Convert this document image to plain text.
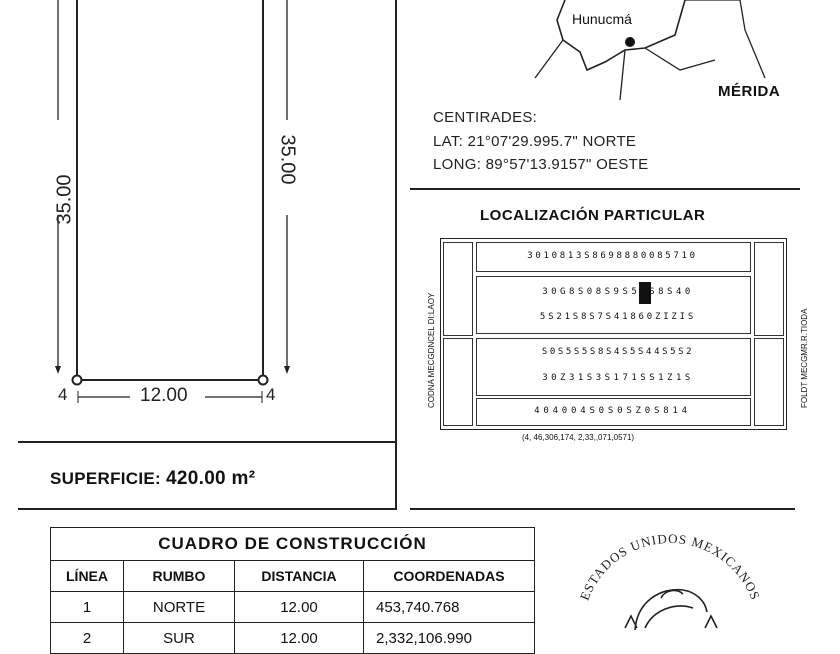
35.00
35.00
12.00
4	4
SUPERFICIE: 420.00 m²
Hunucmá
MÉRIDA
CENTIRADES:
LAT: 21°07'29.995.7" NORTE
LONG: 89°57'13.9157" OESTE
LOCALIZACIÓN PARTICULAR
3010813S8698880085710
30G8S08S9S5FS8S40
5S21S8S7S41860ZIZIS
S0S5S5S8S4S5S44S5S2
30Z31S3S171SS1Z1S
404004S0S0SZ0S814
CODNA MECGDNCEL DI:LAOY	FOLDT MECGMR.R.TIODA
(4, 46,306,174, 2,33,,071,0571)
CUADRO DE CONSTRUCCIÓN			
LÍNEA	RUMBO	DISTANCIA	COORDENADAS
1	NORTE	12.00	453,740.768
2	SUR	12.00	2,332,106.990
ESTADOS UNIDOS MEXICANOS
